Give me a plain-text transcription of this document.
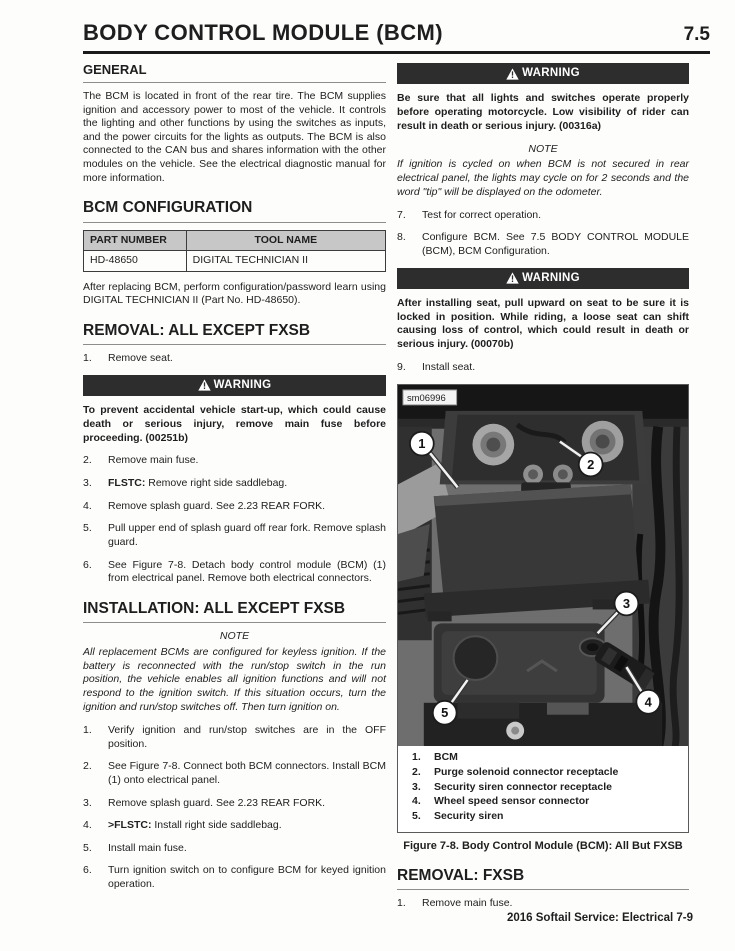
BODY CONTROL MODULE (BCM)	7.5
GENERAL

The BCM is located in front of the rear tire. The BCM supplies ignition and accessory power to most of the vehicle. It controls the lighting and other functions by using the switches as inputs, and the power circuits for the lights as outputs. The BCM is also connected to the CAN bus and shares information with the other modules on the vehicle. See the electrical diagnostic manual for more information.

BCM CONFIGURATION
PART NUMBER	TOOL NAME
HD-48650	DIGITAL TECHNICIAN II

After replacing BCM, perform configuration/password learn using DIGITAL TECHNICIAN II (Part No. HD-48650).

REMOVAL: ALL EXCEPT FXSB
1.	Remove seat.
WARNING

To prevent accidental vehicle start-up, which could cause death or serious injury, remove main fuse before proceeding. (00251b)

2.	Remove main fuse.
3.	FLSTC: Remove right side saddlebag.
4.	Remove splash guard. See 2.23 REAR FORK.
5.	Pull upper end of splash guard off rear fork. Remove splash guard.
6.	See Figure 7-8. Detach body control module (BCM) (1) from electrical panel. Remove both electrical connectors.
INSTALLATION: ALL EXCEPT FXSB
NOTE

All replacement BCMs are configured for keyless ignition. If the battery is reconnected with the run/stop switch in the run position, the vehicle enables all ignition functions and will not respond to the ignition switch. If this situation occurs, turn the ignition and run/stop switches off. Then turn ignition on.

1.	Verify ignition and run/stop switches are in the OFF position.
2.	See Figure 7-8. Connect both BCM connectors. Install BCM (1) onto electrical panel.
3.	Remove splash guard. See 2.23 REAR FORK.
4.	>FLSTC: Install right side saddlebag.
5.	Install main fuse.
6.	Turn ignition switch on to configure BCM for keyed ignition operation.
WARNING

Be sure that all lights and switches operate properly before operating motorcycle. Low visibility of rider can result in death or serious injury. (00316a)

NOTE

If ignition is cycled on when BCM is not secured in rear electrical panel, the lights may cycle on for 2 seconds and the word "tip" will be displayed on the odometer.

7.	Test for correct operation.
8.	Configure BCM. See 7.5 BODY CONTROL MODULE (BCM), BCM Configuration.
WARNING

After installing seat, pull upward on seat to be sure it is locked in position. While riding, a loose seat can shift causing loss of control, which could result in death or serious injury. (00070b)

9.	Install seat.
1
2
3
4
5
sm06996
1.	BCM
2.	Purge solenoid connector receptacle
3.	Security siren connector receptacle
4.	Wheel speed sensor connector
5.	Security siren
Figure 7-8. Body Control Module (BCM): All But FXSB
REMOVAL: FXSB
1.	Remove main fuse.
2016 Softail Service: Electrical 7-9
